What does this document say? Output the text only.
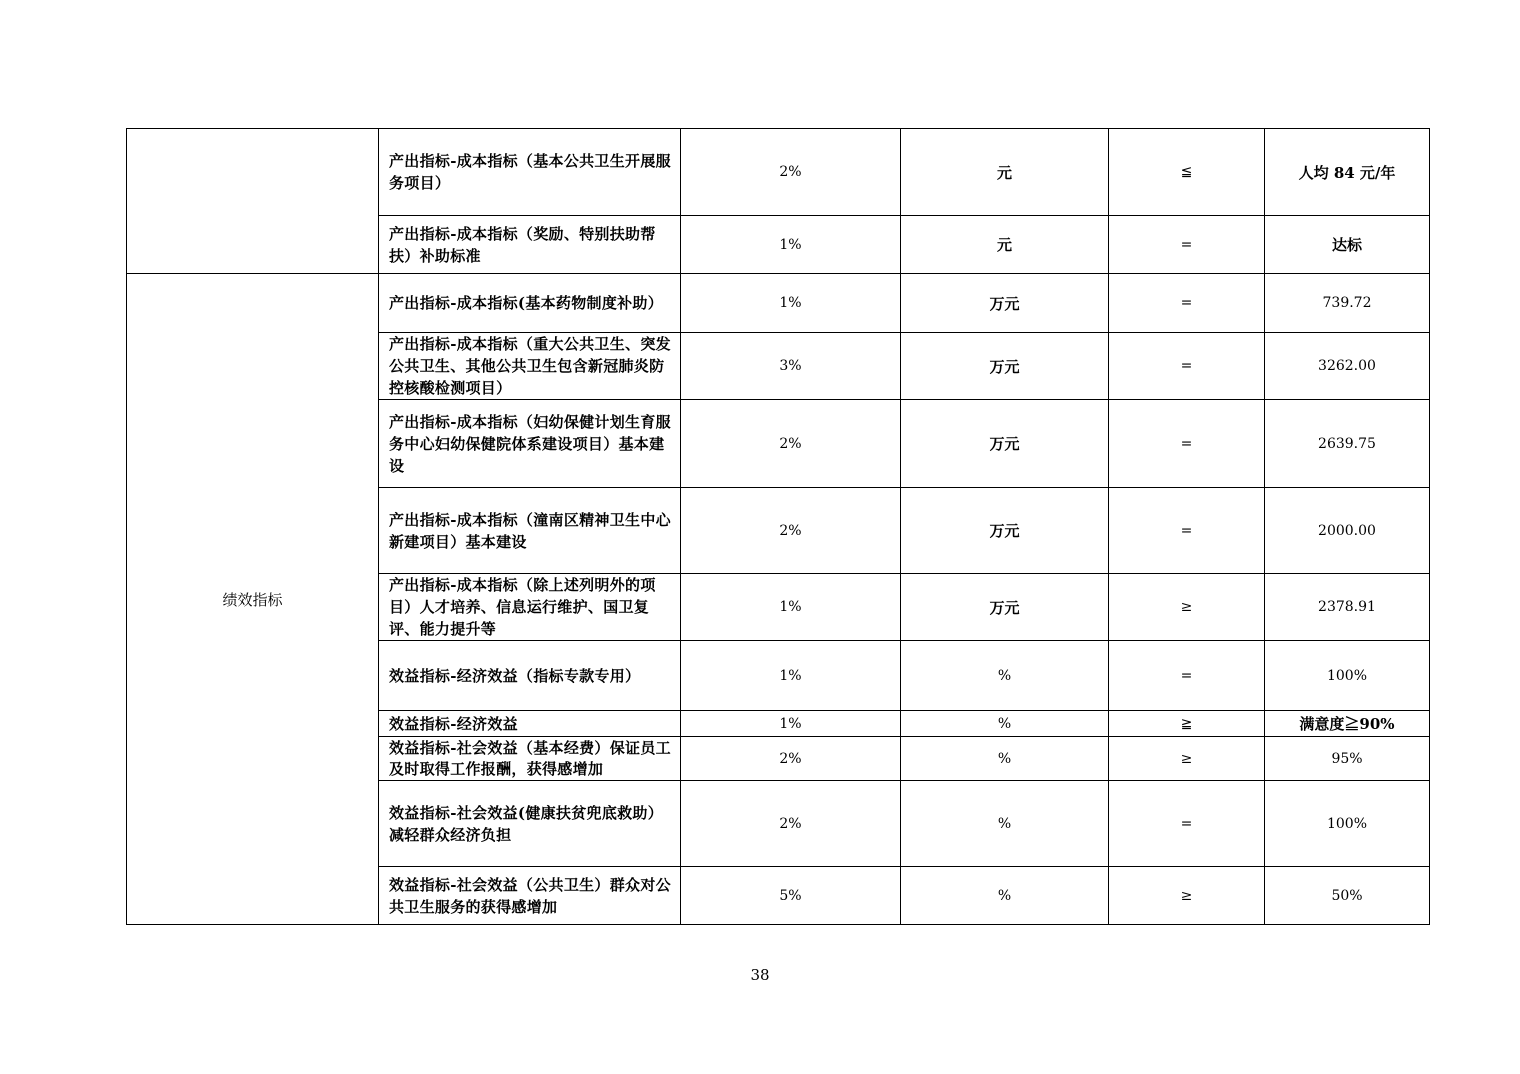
	产出指标-成本指标（基本公共卫生开展服务项目）	2%	元	≦	人均 84 元/年
	产出指标-成本指标（奖励、特别扶助帮扶）补助标准	1%	元	=	达标
绩效指标	产出指标-成本指标(基本药物制度补助）	1%	万元	=	739.72
	产出指标-成本指标（重大公共卫生、突发公共卫生、其他公共卫生包含新冠肺炎防控核酸检测项目）	3%	万元	=	3262.00
	产出指标-成本指标（妇幼保健计划生育服务中心妇幼保健院体系建设项目）基本建设	2%	万元	=	2639.75
	产出指标-成本指标（潼南区精神卫生中心新建项目）基本建设	2%	万元	=	2000.00
	产出指标-成本指标（除上述列明外的项目）人才培养、信息运行维护、国卫复评、能力提升等	1%	万元	≥	2378.91
	效益指标-经济效益（指标专款专用）	1%	%	=	100%
	效益指标-经济效益	1%	%	≧	满意度≧90%
	效益指标-社会效益（基本经费）保证员工及时取得工作报酬，获得感增加	2%	%	≥	95%
	效益指标-社会效益(健康扶贫兜底救助）减轻群众经济负担	2%	%	=	100%
	效益指标-社会效益（公共卫生）群众对公共卫生服务的获得感增加	5%	%	≥	50%
38
